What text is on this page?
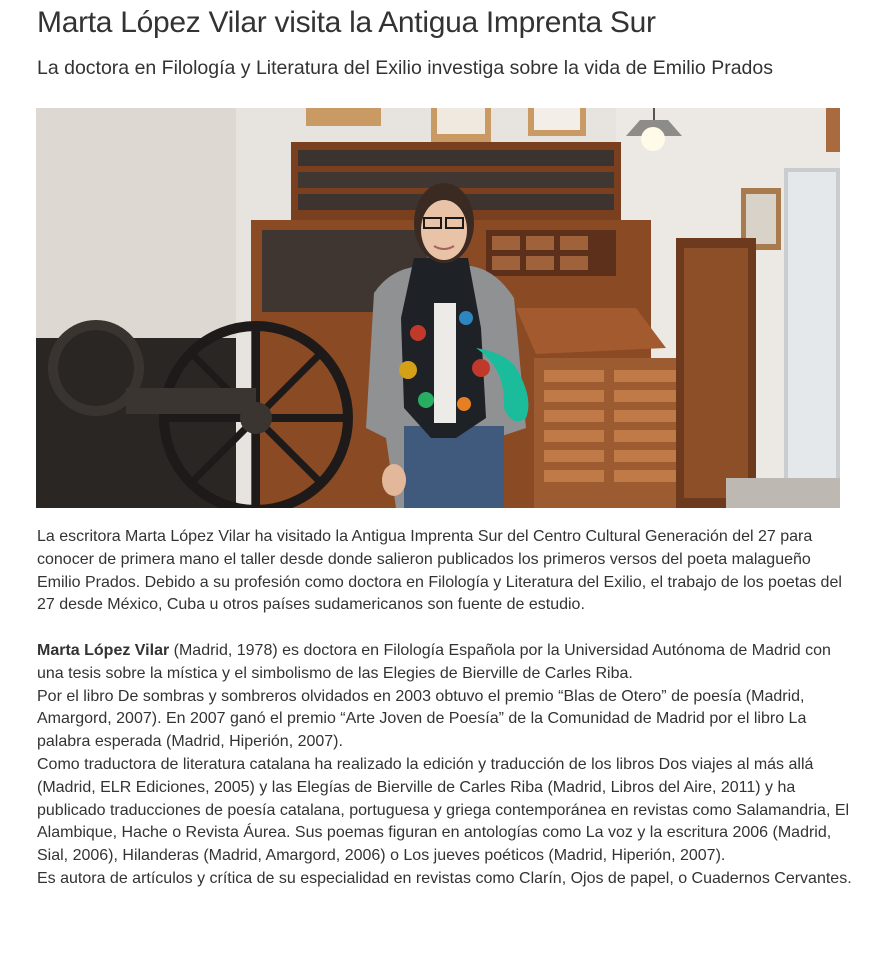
Marta López Vilar visita la Antigua Imprenta Sur
La doctora en Filología y Literatura del Exilio investiga sobre la vida de Emilio Prados

La escritora Marta López Vilar ha visitado la Antigua Imprenta Sur del Centro Cultural Generación del 27 para conocer de primera mano el taller desde donde salieron publicados los primeros versos del poeta malagueño Emilio Prados. Debido a su profesión como doctora en Filología y Literatura del Exilio, el trabajo de los poetas del 27 desde México, Cuba u otros países sudamericanos son fuente de estudio.

Marta López Vilar (Madrid, 1978) es doctora en Filología Española por la Universidad Autónoma de Madrid con una tesis sobre la mística y el simbolismo de las Elegies de Bierville de Carles Riba.

Por el libro De sombras y sombreros olvidados en 2003 obtuvo el premio “Blas de Otero” de poesía (Madrid, Amargord, 2007). En 2007 ganó el premio “Arte Joven de Poesía” de la Comunidad de Madrid por el libro La palabra esperada (Madrid, Hiperión, 2007).

Como traductora de literatura catalana ha realizado la edición y traducción de los libros Dos viajes al más allá (Madrid, ELR Ediciones, 2005) y las Elegías de Bierville de Carles Riba (Madrid, Libros del Aire, 2011) y ha publicado traducciones de poesía catalana, portuguesa y griega contemporánea en revistas como Salamandria, El Alambique, Hache o Revista Áurea. Sus poemas figuran en antologías como La voz y la escritura 2006 (Madrid, Sial, 2006), Hilanderas (Madrid, Amargord, 2006) o Los jueves poéticos (Madrid, Hiperión, 2007).

Es autora de artículos y crítica de su especialidad en revistas como Clarín, Ojos de papel, o Cuadernos Cervantes.
